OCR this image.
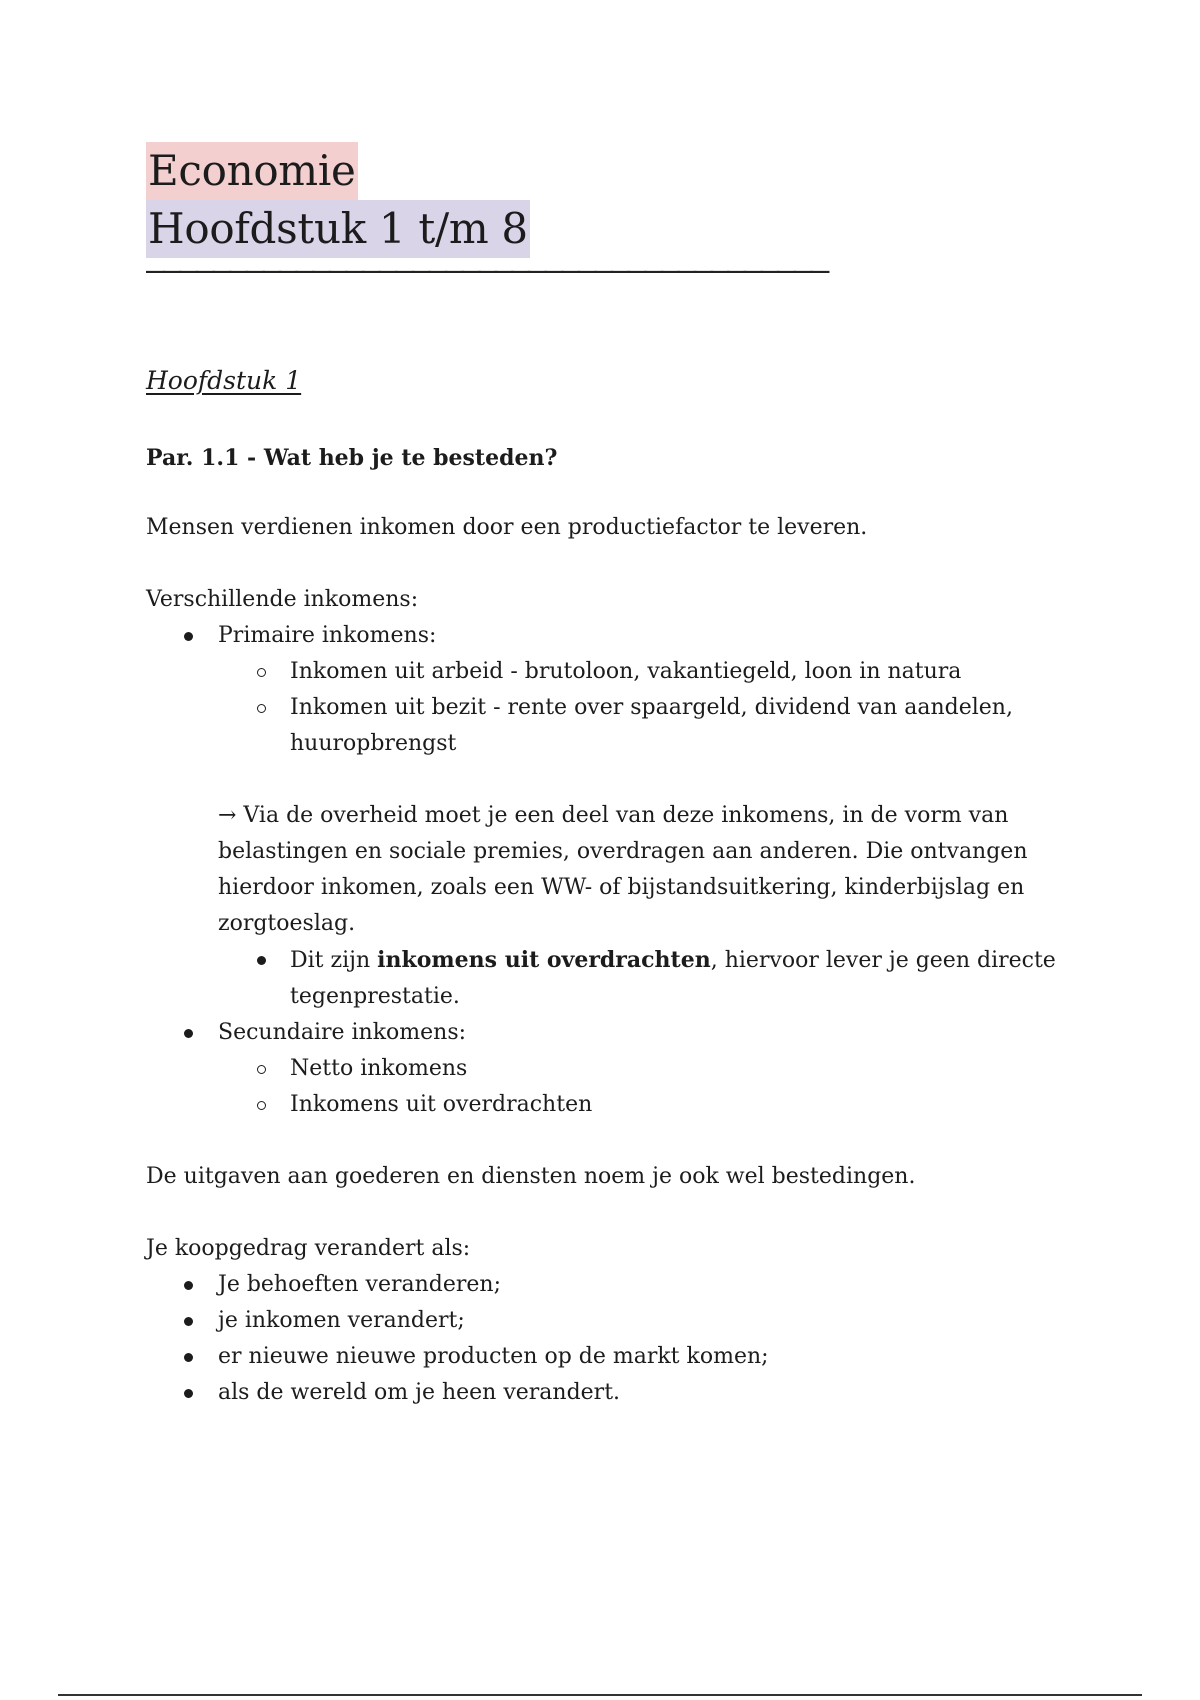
Economie
Hoofdstuk 1 t/m 8
—————————————————————————————————————————
Hoofdstuk 1
Par. 1.1 - Wat heb je te besteden?

Mensen verdienen inkomen door een productiefactor te leveren.

Verschillende inkomens:

Primaire inkomens:
Inkomen uit arbeid - brutoloon, vakantiegeld, loon in natura
Inkomen uit bezit - rente over spaargeld, dividend van aandelen, huuropbrengst

→ Via de overheid moet je een deel van deze inkomens, in de vorm van belastingen en sociale premies, overdragen aan anderen. Die ontvangen hierdoor inkomen, zoals een WW- of bijstandsuitkering, kinderbijslag en zorgtoeslag.

Dit zijn inkomens uit overdrachten, hiervoor lever je geen directe tegenprestatie.
Secundaire inkomens:
Netto inkomens
Inkomens uit overdrachten

De uitgaven aan goederen en diensten noem je ook wel bestedingen.

Je koopgedrag verandert als:

Je behoeften veranderen;
je inkomen verandert;
er nieuwe nieuwe producten op de markt komen;
als de wereld om je heen verandert.
